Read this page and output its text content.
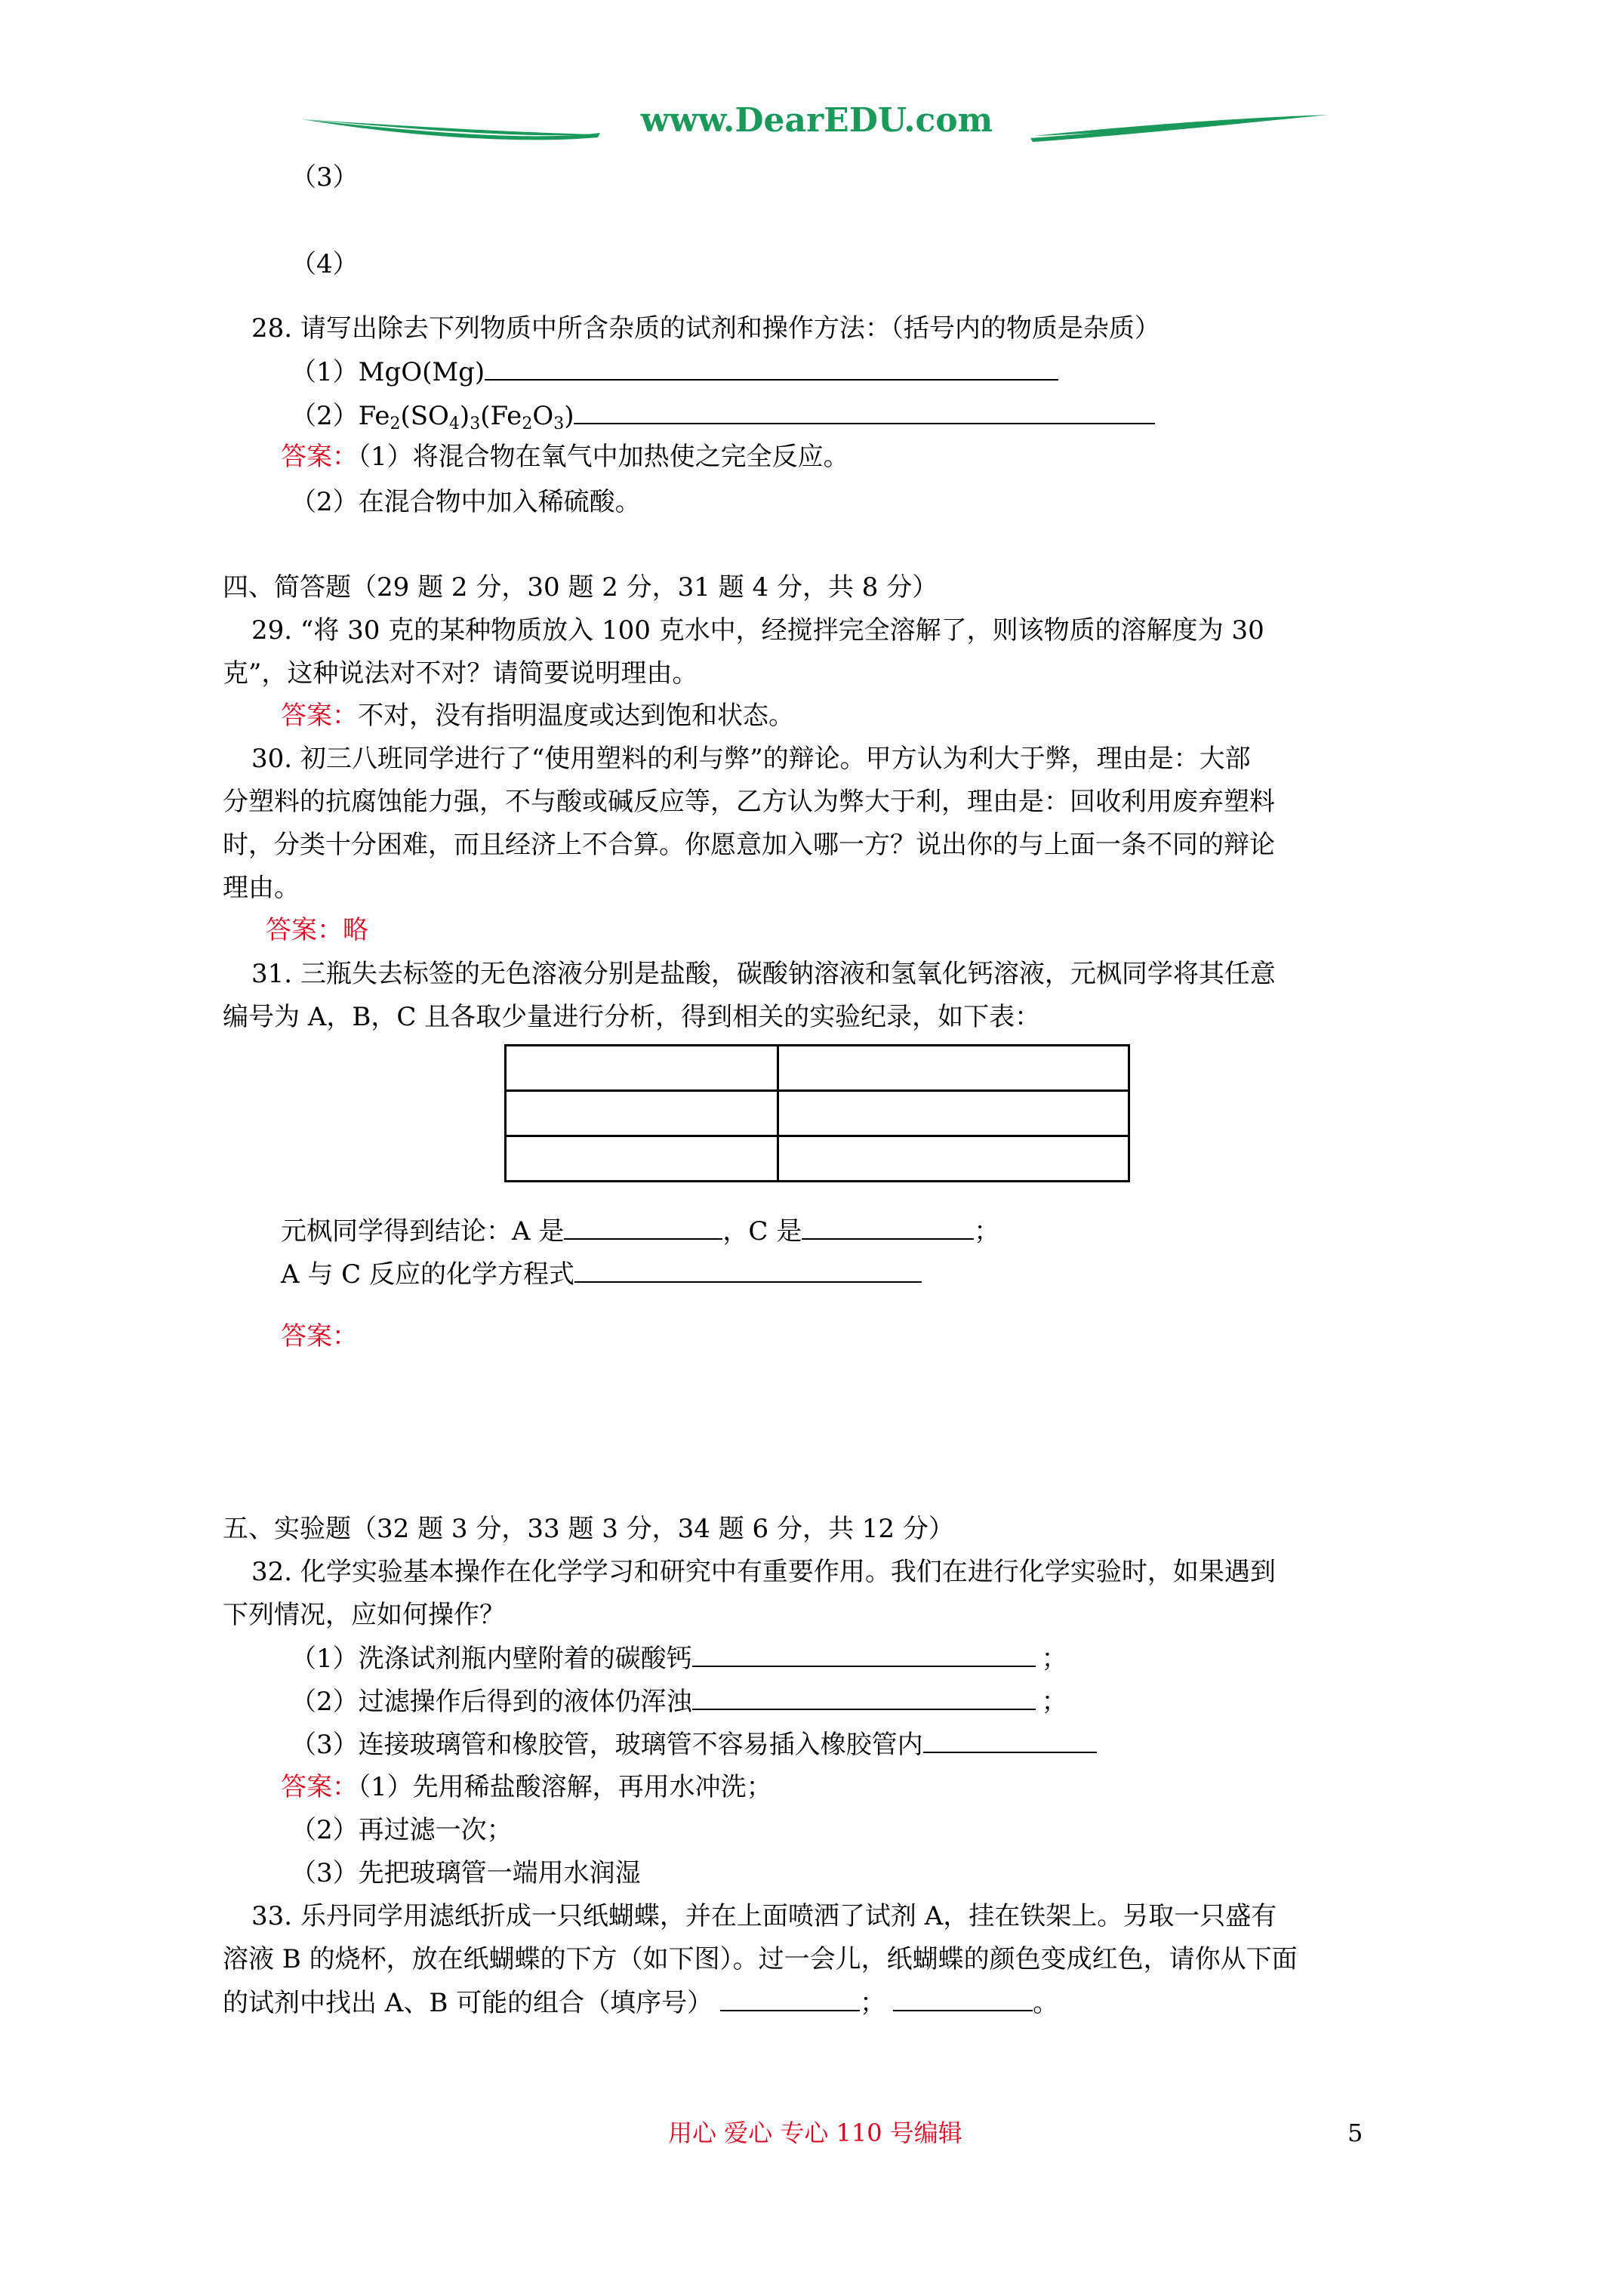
www.DearEDU.com
（3）
（4）
28. 请写出除去下列物质中所含杂质的试剂和操作方法：（括号内的物质是杂质）
（1）MgO(Mg)
$(2)Fe_2(SO_4)_3(Fe_2O_3)$
答案：（1）将混合物在氧气中加热使之完全反应。
（2）在混合物中加入稀硫酸。
四、简答题（29 题 2 分，30 题 2 分，31 题 4 分，共 8 分）
29. “将 30 克的某种物质放入 100 克水中，经搅拌完全溶解了，则该物质的溶解度为 30
克”，这种说法对不对？请简要说明理由。
答案：不对，没有指明温度或达到饱和状态。
30. 初三八班同学进行了“使用塑料的利与弊”的辩论。甲方认为利大于弊，理由是：大部
分塑料的抗腐蚀能力强，不与酸或碱反应等，乙方认为弊大于利，理由是：回收利用废弃塑料
时，分类十分困难，而且经济上不合算。你愿意加入哪一方？说出你的与上面一条不同的辩论
理由。
答案：略
31. 三瓶失去标签的无色溶液分别是盐酸，碳酸钠溶液和氢氧化钙溶液，元枫同学将其任意
编号为 A，B，C 且各取少量进行分析，得到相关的实验纪录，如下表：

元枫同学得到结论：A 是	，C 是	；
A 与 C 反应的化学方程式
答案：
五、实验题（32 题 3 分，33 题 3 分，34 题 6 分，共 12 分）
32. 化学实验基本操作在化学学习和研究中有重要作用。我们在进行化学实验时，如果遇到
下列情况，应如何操作？
（1）洗涤试剂瓶内壁附着的碳酸钙	；
（2）过滤操作后得到的液体仍浑浊	；
（3）连接玻璃管和橡胶管，玻璃管不容易插入橡胶管内
答案：（1）先用稀盐酸溶解，再用水冲洗；
（2）再过滤一次；
（3）先把玻璃管一端用水润湿
33. 乐丹同学用滤纸折成一只纸蝴蝶，并在上面喷洒了试剂 A，挂在铁架上。另取一只盛有
溶液 B 的烧杯，放在纸蝴蝶的下方（如下图）。过一会儿，纸蝴蝶的颜色变成红色，请你从下面
的试剂中找出 A、B 可能的组合（填序号）	；	。
用心 爱心 专心 110 号编辑	5
